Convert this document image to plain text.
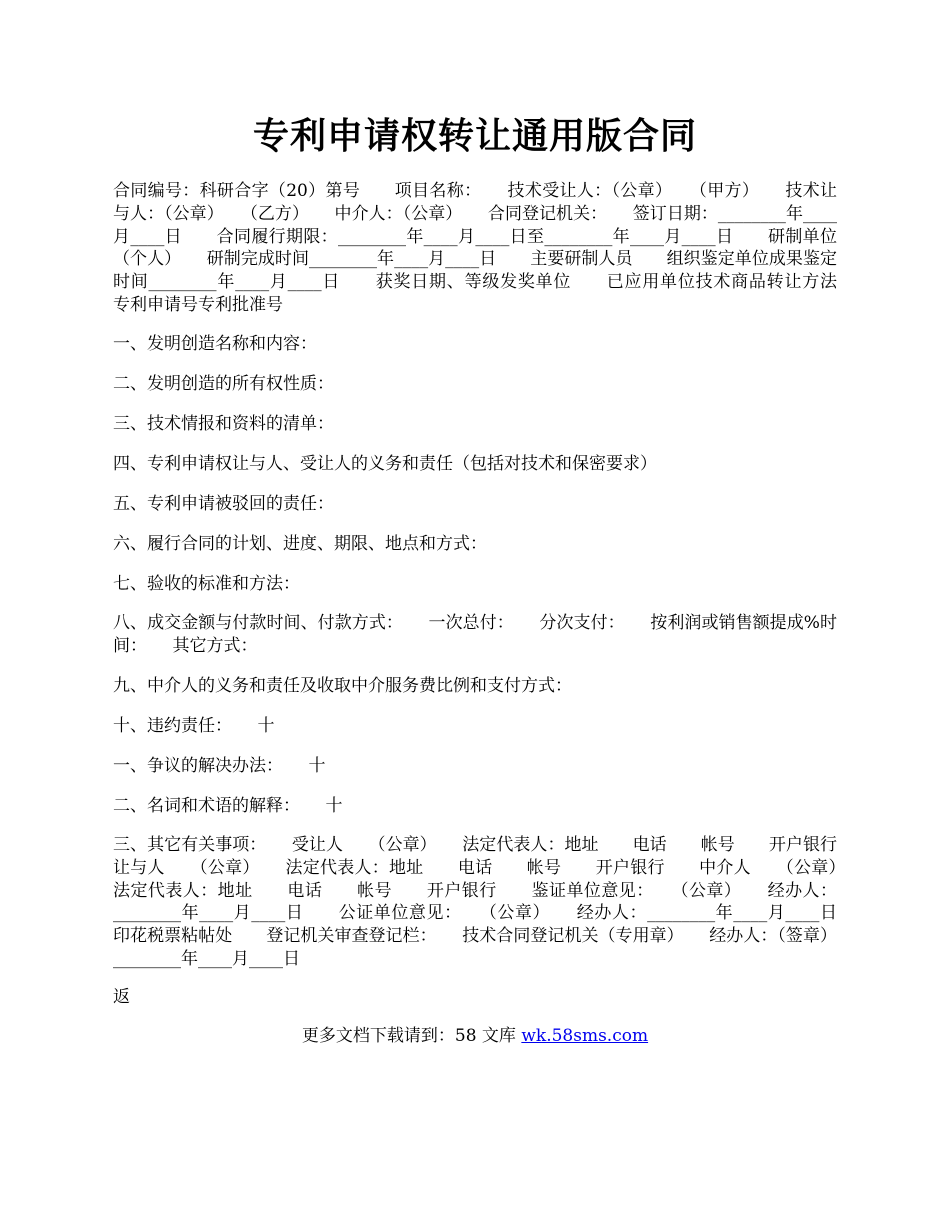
专利申请权转让通用版合同

合同编号：科研合字（20）第号　　项目名称：　　技术受让人：（公章）　　（甲方）　　技术让与人：（公章）　　（乙方）　　中介人：（公章）　　合同登记机关：　　签订日期：________年____月____日　　合同履行期限：________年____月____日至________年____月____日　　研制单位（个人）　　研制完成时间________年____月____日　　主要研制人员　　组织鉴定单位成果鉴定时间________年____月____日　　获奖日期、等级发奖单位　　已应用单位技术商品转让方法　　专利申请号专利批准号

一、发明创造名称和内容：
二、发明创造的所有权性质：
三、技术情报和资料的清单：
四、专利申请权让与人、受让人的义务和责任（包括对技术和保密要求）
五、专利申请被驳回的责任：
六、履行合同的计划、进度、期限、地点和方式：
七、验收的标准和方法：

八、成交金额与付款时间、付款方式：　　一次总付：　　分次支付：　　按利润或销售额提成%时间：　　其它方式：

九、中介人的义务和责任及收取中介服务费比例和支付方式：
十、违约责任：　　十
一、争议的解决办法：　　十
二、名词和术语的解释：　　十

三、其它有关事项：　　受让人　　（公章）　　法定代表人：地址　　电话　　帐号　　开户银行　　让与人　　（公章）　　法定代表人：地址　　电话　　帐号　　开户银行　　中介人　　（公章）　　法定代表人：地址　　电话　　帐号　　开户银行　　鉴证单位意见：　　（公章）　　经办人：________年____月____日　　公证单位意见：　　（公章）　　经办人：________年____月____日　　印花税票粘帖处　　登记机关审查登记栏：　　技术合同登记机关（专用章）　　经办人：（签章）________年____月____日

返
更多文档下载请到：58 文库 wk.58sms.com
